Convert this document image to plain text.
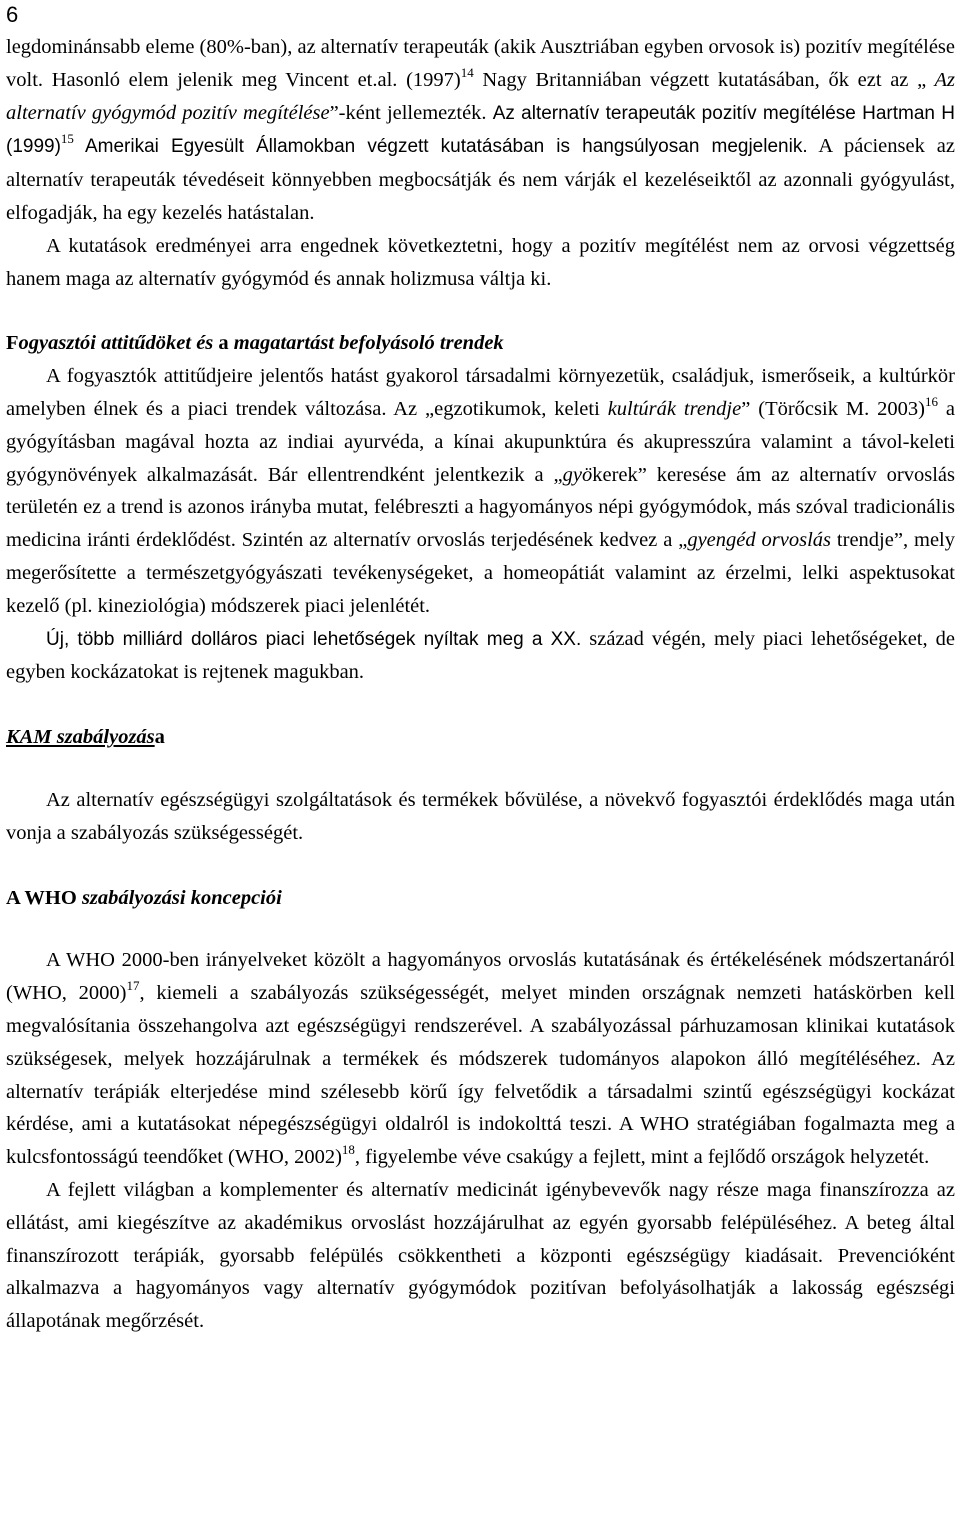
6

legdominánsabb eleme (80%-ban), az alternatív terapeuták (akik Ausztriában egyben orvosok is) pozitív megítélése volt. Hasonló elem jelenik meg Vincent et.al. $(1997)^{14}$ Nagy Britanniában végzett kutatásában, ők ezt az „ Az alternatív gyógymód pozitív megítélése”-ként jellemezték. Az alternatív terapeuták pozitív megítélése Hartman H $(1999)^{15}$ Amerikai Egyesült Államokban végzett kutatásában is hangsúlyosan megjelenik. A páciensek az alternatív terapeuták tévedéseit könnyebben megbocsátják és nem várják el kezeléseiktől az azonnali gyógyulást, elfogadják, ha egy kezelés hatástalan.

A kutatások eredményei arra engednek következtetni, hogy a pozitív megítélést nem az orvosi végzettség hanem maga az alternatív gyógymód és annak holizmusa váltja ki.

Fogyasztói attitűdöket és a magatartást befolyásoló trendek

A fogyasztók attitűdjeire jelentős hatást gyakorol társadalmi környezetük, családjuk, ismerőseik, a kultúrkör amelyben élnek és a piaci trendek változása. Az „egzotikumok, keleti kultúrák trendje” (Törőcsik M. 2003)$^{16}$ a gyógyításban magával hozta az indiai ayurvéda, a kínai akupunktúra és akupresszúra valamint a távol-keleti gyógynövények alkalmazását. Bár ellentrendként jelentkezik a „gyökerek” keresése ám az alternatív orvoslás területén ez a trend is azonos irányba mutat, felébreszti a hagyományos népi gyógymódok, más szóval tradicionális medicina iránti érdeklődést. Szintén az alternatív orvoslás terjedésének kedvez a „gyengéd orvoslás trendje”, mely megerősítette a természetgyógyászati tevékenységeket, a homeopátiát valamint az érzelmi, lelki aspektusokat kezelő (pl. kineziológia) módszerek piaci jelenlétét.

Új, több milliárd dolláros piaci lehetőségek nyíltak meg a XX. század végén, mely piaci lehetőségeket, de egyben kockázatokat is rejtenek magukban.

KAM szabályozása

Az alternatív egészségügyi szolgáltatások és termékek bővülése, a növekvő fogyasztói érdeklődés maga után vonja a szabályozás szükségességét.

A WHO szabályozási koncepciói

A WHO 2000-ben irányelveket közölt a hagyományos orvoslás kutatásának és értékelésének módszertanáról (WHO, 2000)$^{17}$, kiemeli a szabályozás szükségességét, melyet minden országnak nemzeti hatáskörben kell megvalósítania összehangolva azt egészségügyi rendszerével. A szabályozással párhuzamosan klinikai kutatások szükségesek, melyek hozzájárulnak a termékek és módszerek tudományos alapokon álló megítéléséhez. Az alternatív terápiák elterjedése mind szélesebb körű így felvetődik a társadalmi szintű egészségügyi kockázat kérdése, ami a kutatásokat népegészségügyi oldalról is indokolttá teszi. A WHO stratégiában fogalmazta meg a kulcsfontosságú teendőket (WHO, 2002)$^{18}$, figyelembe véve csakúgy a fejlett, mint a fejlődő országok helyzetét.

A fejlett világban a komplementer és alternatív medicinát igénybevevők nagy része maga finanszírozza az ellátást, ami kiegészítve az akadémikus orvoslást hozzájárulhat az egyén gyorsabb felépüléséhez. A beteg által finanszírozott terápiák, gyorsabb felépülés csökkentheti a központi egészségügy kiadásait. Prevencióként alkalmazva a hagyományos vagy alternatív gyógymódok pozitívan befolyásolhatják a lakosság egészségi állapotának megőrzését.
